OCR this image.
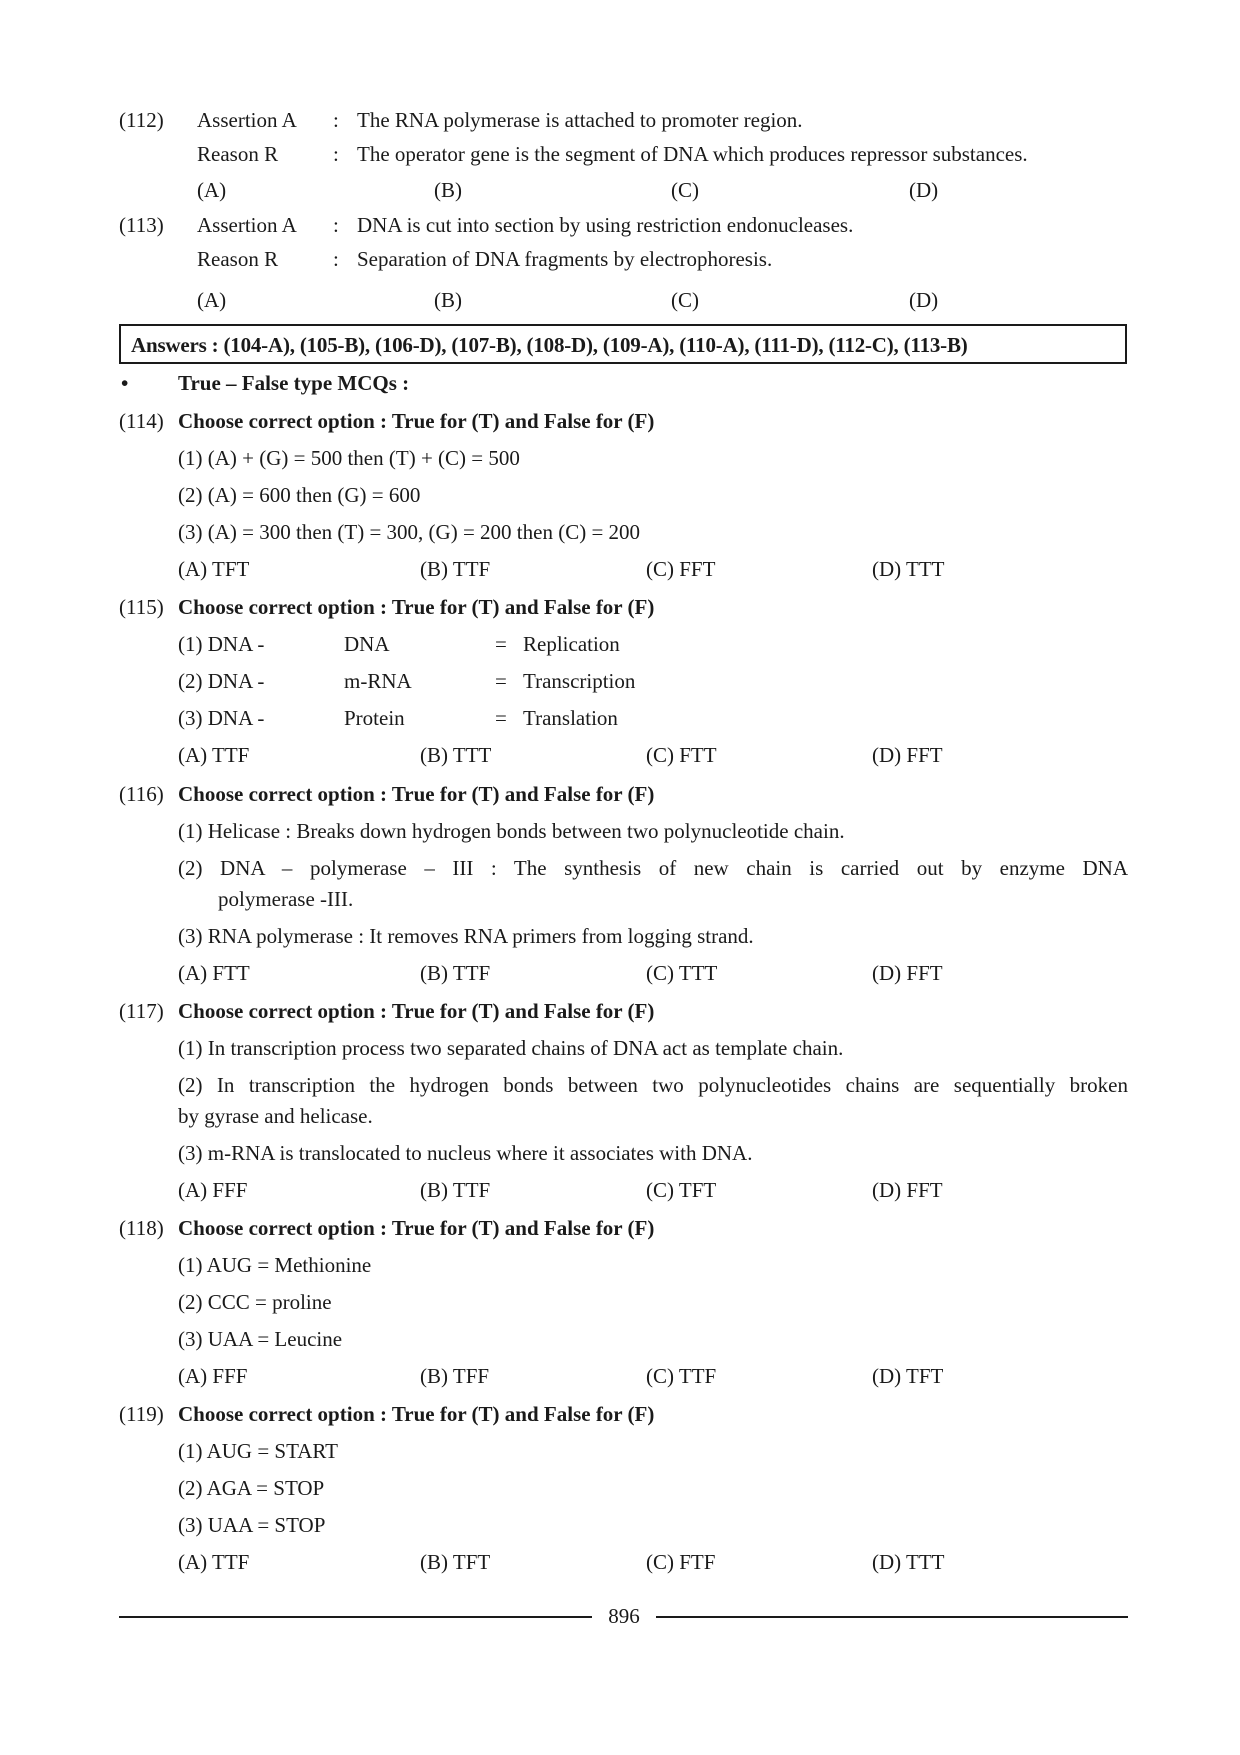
(112) Assertion A : The RNA polymerase is attached to promoter region.
Reason R	: The operator gene is the segment of DNA which produces repressor substances.
(A)	(B)	(C)	(D)
(113) Assertion A : DNA is cut into section by using restriction endonucleases.
Reason R	: Separation of DNA fragments by electrophoresis.
(A)	(B)	(C)	(D)
Answers : (104-A), (105-B), (106-D), (107-B), (108-D), (109-A), (110-A), (111-D), (112-C), (113-B)
• True – False type MCQs :
(114) Choose correct option : True for (T) and False for (F)
(1) (A) + (G) = 500 then (T) + (C) = 500
(2) (A) = 600 then (G) = 600
(3) (A) = 300 then (T) = 300, (G) = 200 then (C) = 200
(A) TFT	(B) TTF	(C) FFT	(D) TTT
(115) Choose correct option : True for (T) and False for (F)
(1) DNA -	DNA	= Replication
(2) DNA -	m-RNA	= Transcription
(3) DNA -	Protein	= Translation
(A) TTF	(B) TTT	(C) FTT	(D) FFT
(116) Choose correct option : True for (T) and False for (F)
(1) Helicase : Breaks down hydrogen bonds between two polynucleotide chain.
(2) DNA – polymerase – III : The synthesis of new chain is carried out by enzyme DNA
polymerase -III.
(3) RNA polymerase : It removes RNA primers from logging strand.
(A) FTT	(B) TTF	(C) TTT	(D) FFT
(117) Choose correct option : True for (T) and False for (F)
(1) In transcription process two separated chains of DNA act as template chain.
(2) In transcription the hydrogen bonds between two polynucleotides chains are sequentially broken
by gyrase and helicase.
(3) m-RNA is translocated to nucleus where it associates with DNA.
(A) FFF	(B) TTF	(C) TFT	(D) FFT
(118) Choose correct option : True for (T) and False for (F)
(1) AUG = Methionine
(2) CCC = proline
(3) UAA = Leucine
(A) FFF	(B) TFF	(C) TTF	(D) TFT
(119) Choose correct option : True for (T) and False for (F)
(1) AUG = START
(2) AGA = STOP
(3) UAA = STOP
(A) TTF	(B) TFT	(C) FTF	(D) TTT
896
